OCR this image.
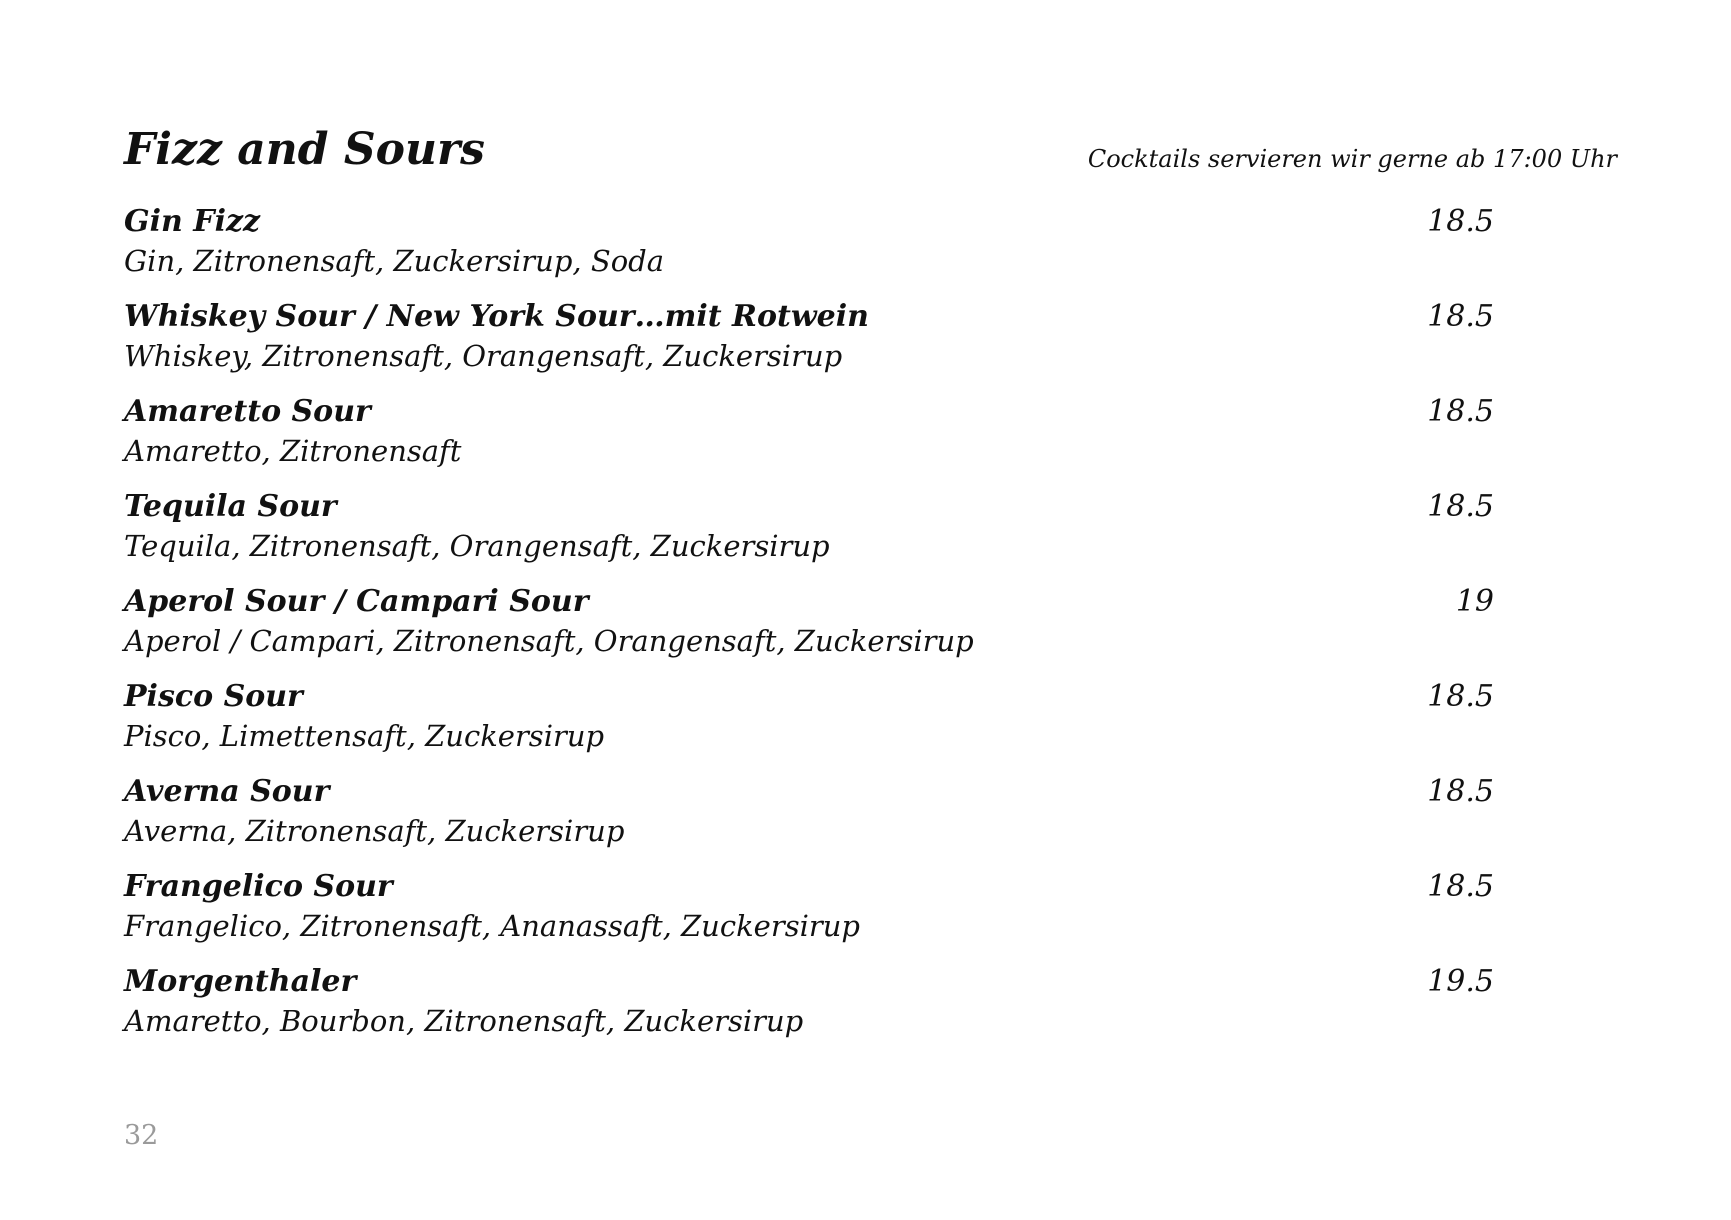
Fizz and Sours	Cocktails servieren wir gerne ab 17:00 Uhr

Gin Fizz
Gin, Zitronensaft, Zuckersirup, Soda
18.5
Whiskey Sour / New York Sour…mit Rotwein
Whiskey, Zitronensaft, Orangensaft, Zuckersirup
18.5
Amaretto Sour
Amaretto, Zitronensaft
18.5
Tequila Sour
Tequila, Zitronensaft, Orangensaft, Zuckersirup
18.5
Aperol Sour / Campari Sour
Aperol / Campari, Zitronensaft, Orangensaft, Zuckersirup
19
Pisco Sour
Pisco, Limettensaft, Zuckersirup
18.5
Averna Sour
Averna, Zitronensaft, Zuckersirup
18.5
Frangelico Sour
Frangelico, Zitronensaft, Ananassaft, Zuckersirup
18.5
Morgenthaler
Amaretto, Bourbon, Zitronensaft, Zuckersirup
19.5

32
